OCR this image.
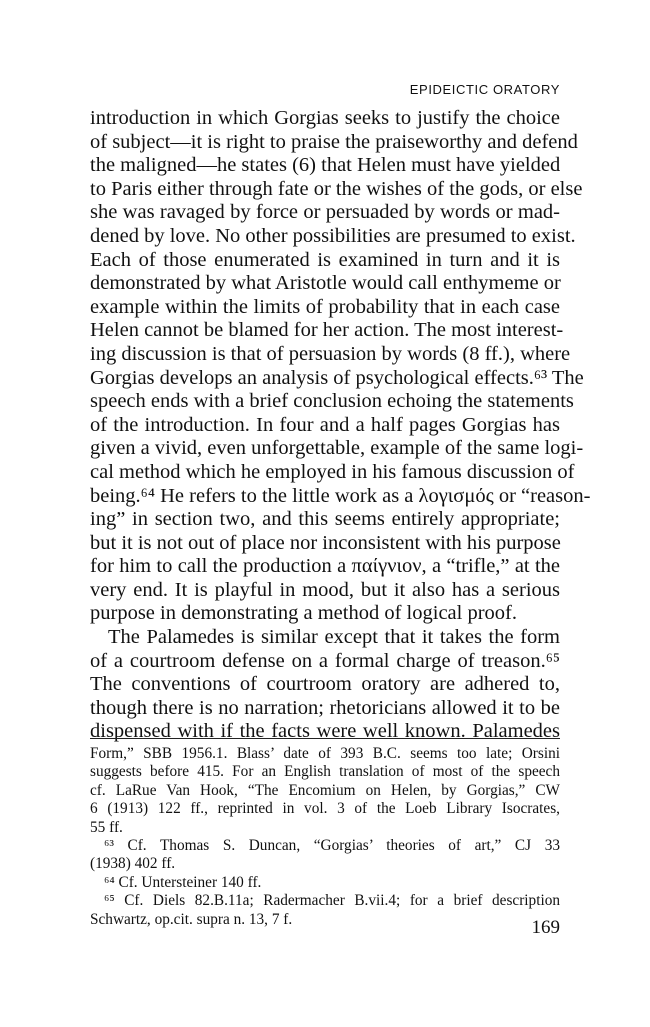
EPIDEICTIC ORATORY
introduction in which Gorgias seeks to justify the choice
of subject—it is right to praise the praiseworthy and defend
the maligned—he states (6) that Helen must have yielded
to Paris either through fate or the wishes of the gods, or else
she was ravaged by force or persuaded by words or mad-
dened by love. No other possibilities are presumed to exist.
Each of those enumerated is examined in turn and it is
demonstrated by what Aristotle would call enthymeme or
example within the limits of probability that in each case
Helen cannot be blamed for her action. The most interest-
ing discussion is that of persuasion by words (8 ff.), where
Gorgias develops an analysis of psychological effects.⁶³ The
speech ends with a brief conclusion echoing the statements
of the introduction. In four and a half pages Gorgias has
given a vivid, even unforgettable, example of the same logi-
cal method which he employed in his famous discussion of
being.⁶⁴ He refers to the little work as a λογισμός or “reason-
ing” in section two, and this seems entirely appropriate;
but it is not out of place nor inconsistent with his purpose
for him to call the production a παίγνιον, a “trifle,” at the
very end. It is playful in mood, but it also has a serious
purpose in demonstrating a method of logical proof.
The Palamedes is similar except that it takes the form
of a courtroom defense on a formal charge of treason.⁶⁵
The conventions of courtroom oratory are adhered to,
though there is no narration; rhetoricians allowed it to be
dispensed with if the facts were well known. Palamedes
Form,” SBB 1956.1. Blass’ date of 393 B.C. seems too late; Orsini
suggests before 415. For an English translation of most of the speech
cf. LaRue Van Hook, “The Encomium on Helen, by Gorgias,” CW
6 (1913) 122 ff., reprinted in vol. 3 of the Loeb Library Isocrates,
55 ff.
⁶³ Cf. Thomas S. Duncan, “Gorgias’ theories of art,” CJ 33
(1938) 402 ff.
⁶⁴ Cf. Untersteiner 140 ff.
⁶⁵ Cf. Diels 82.B.11a; Radermacher B.vii.4; for a brief description
Schwartz, op.cit. supra n. 13, 7 f.	169
